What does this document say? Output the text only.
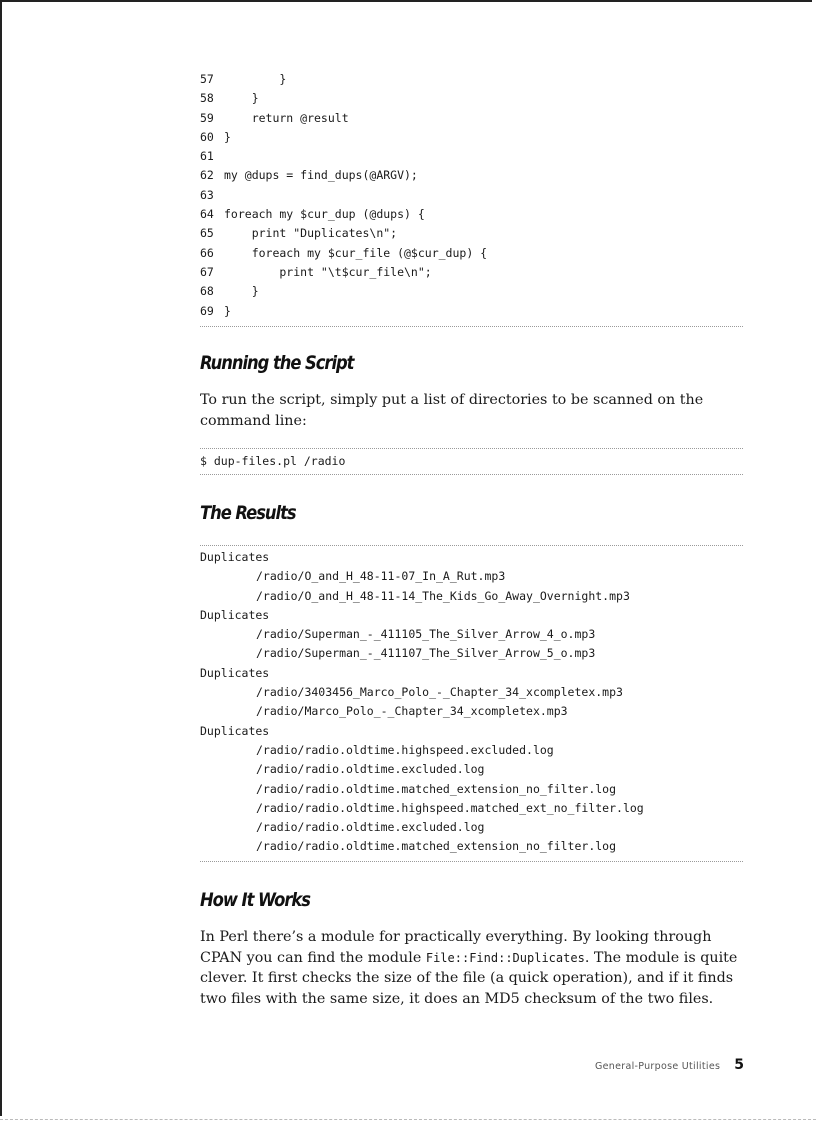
57 }
58 }
59 return @result
60 }
61
62 my @dups = find_dups(@ARGV);
63
64 foreach my $cur_dup (@dups) {
65 print "Duplicates\n";
66 foreach my $cur_file (@$cur_dup) {
67 print "\t$cur_file\n";
68 }
69 }
Running the Script

To run the script, simply put a list of directories to be scanned on the command line:

$ dup-files.pl /radio
The Results
Duplicates
/radio/O_and_H_48-11-07_In_A_Rut.mp3
/radio/O_and_H_48-11-14_The_Kids_Go_Away_Overnight.mp3
Duplicates
/radio/Superman_-_411105_The_Silver_Arrow_4_o.mp3
/radio/Superman_-_411107_The_Silver_Arrow_5_o.mp3
Duplicates
/radio/3403456_Marco_Polo_-_Chapter_34_xcompletex.mp3
/radio/Marco_Polo_-_Chapter_34_xcompletex.mp3
Duplicates
/radio/radio.oldtime.highspeed.excluded.log
/radio/radio.oldtime.excluded.log
/radio/radio.oldtime.matched_extension_no_filter.log
/radio/radio.oldtime.highspeed.matched_ext_no_filter.log
/radio/radio.oldtime.excluded.log
/radio/radio.oldtime.matched_extension_no_filter.log
How It Works

In Perl there’s a module for practically everything. By looking through CPAN you can find the module File::Find::Duplicates. The module is quite clever. It first checks the size of the file (a quick operation), and if it finds two files with the same size, it does an MD5 checksum of the two files.

General-Purpose Utilities 5
